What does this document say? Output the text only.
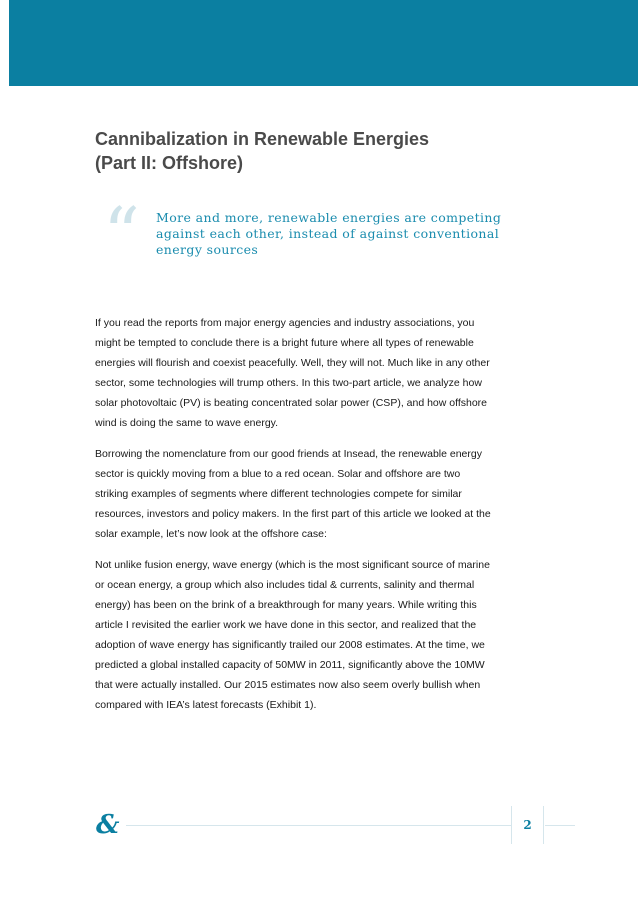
Cannibalization in Renewable Energies
(Part II: Offshore)
“ More and more, renewable energies are competing
against each other, instead of against conventional
energy sources

If you read the reports from major energy agencies and industry associations, you
might be tempted to conclude there is a bright future where all types of renewable
energies will flourish and coexist peacefully. Well, they will not. Much like in any other
sector, some technologies will trump others. In this two-part article, we analyze how
solar photovoltaic (PV) is beating concentrated solar power (CSP), and how offshore
wind is doing the same to wave energy.

Borrowing the nomenclature from our good friends at Insead, the renewable energy
sector is quickly moving from a blue to a red ocean. Solar and offshore are two
striking examples of segments where different technologies compete for similar
resources, investors and policy makers. In the first part of this article we looked at the
solar example, let’s now look at the offshore case:

Not unlike fusion energy, wave energy (which is the most significant source of marine
or ocean energy, a group which also includes tidal & currents, salinity and thermal
energy) has been on the brink of a breakthrough for many years. While writing this
article I revisited the earlier work we have done in this sector, and realized that the
adoption of wave energy has significantly trailed our 2008 estimates. At the time, we
predicted a global installed capacity of 50MW in 2011, significantly above the 10MW
that were actually installed. Our 2015 estimates now also seem overly bullish when
compared with IEA’s latest forecasts (Exhibit 1).

&	2
